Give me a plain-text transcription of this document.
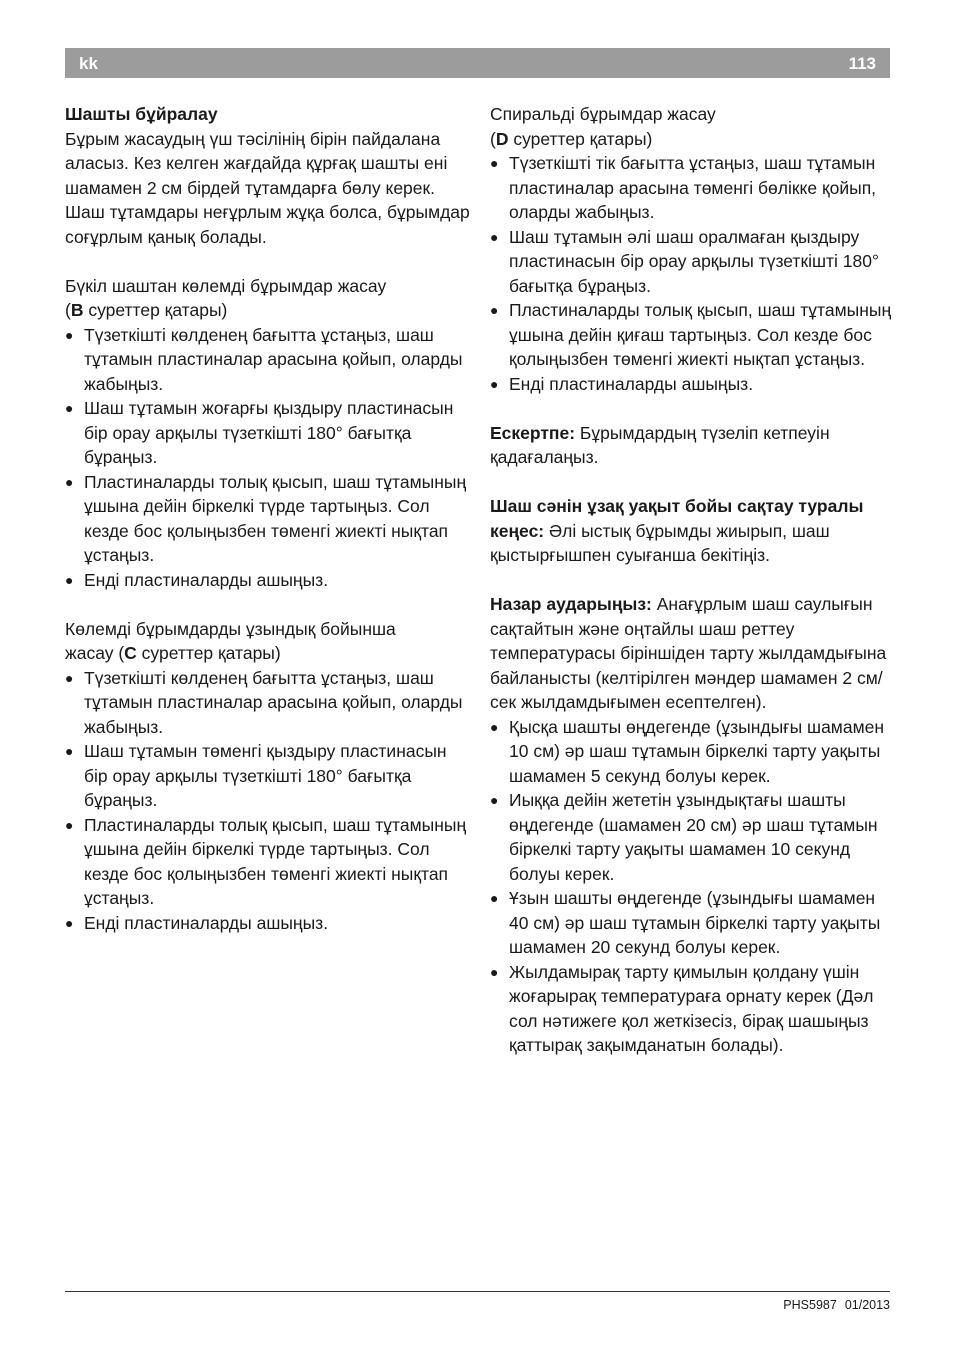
kk	113

Шашты бұйралау
Бұрым жасаудың үш тәсілінің бірін пайдалана аласыз. Кез келген жағдайда құрғақ шашты ені шамамен 2 см бірдей тұтамдарға бөлу керек. Шаш тұтамдары неғұрлым жұқа болса, бұрымдар соғұрлым қанық болады.

Бүкіл шаштан көлемді бұрымдар жасау
(B суреттер қатары)
● Түзеткішті көлденең бағытта ұстаңыз, шаш тұтамын пластиналар арасына қойып, оларды жабыңыз.
● Шаш тұтамын жоғарғы қыздыру пластинасын бір орау арқылы түзеткішті 180° бағытқа бұраңыз.
● Пластиналарды толық қысып, шаш тұтамының ұшына дейін біркелкі түрде тартыңыз. Сол кезде бос қолыңызбен төменгі жиекті нықтап ұстаңыз.
● Енді пластиналарды ашыңыз.
Көлемді бұрымдарды ұзындық бойынша
жасау (C суреттер қатары)
● Түзеткішті көлденең бағытта ұстаңыз, шаш тұтамын пластиналар арасына қойып, оларды жабыңыз.
● Шаш тұтамын төменгі қыздыру пластинасын бір орау арқылы түзеткішті 180° бағытқа бұраңыз.
● Пластиналарды толық қысып, шаш тұтамының ұшына дейін біркелкі түрде тартыңыз. Сол кезде бос қолыңызбен төменгі жиекті нықтап ұстаңыз.
● Енді пластиналарды ашыңыз.
Спиральді бұрымдар жасау
(D суреттер қатары)
● Түзеткішті тік бағытта ұстаңыз, шаш тұтамын пластиналар арасына төменгі бөлікке қойып, оларды жабыңыз.
● Шаш тұтамын әлі шаш оралмаған қыздыру пластинасын бір орау арқылы түзеткішті 180° бағытқа бұраңыз.
● Пластиналарды толық қысып, шаш тұтамының ұшына дейін қиғаш тартыңыз. Сол кезде бос қолыңызбен төменгі жиекті нықтап ұстаңыз.
● Енді пластиналарды ашыңыз.

Ескертпе: Бұрымдардың түзеліп кетпеуін қадағалаңыз.

Шаш сәнін ұзақ уақыт бойы сақтау туралы кеңес: Әлі ыстық бұрымды жиырып, шаш қыстырғышпен суығанша бекітіңіз.

Назар аударыңыз: Анағұрлым шаш саулығын сақтайтын және оңтайлы шаш реттеу температурасы біріншіден тарту жылдамдығына байланысты (келтірілген мәндер шамамен 2 см/сек жылдамдығымен есептелген).
● Қысқа шашты өңдегенде (ұзындығы шамамен 10 см) әр шаш тұтамын біркелкі тарту уақыты шамамен 5 секунд болуы керек.
● Иыққа дейін жететін ұзындықтағы шашты өңдегенде (шамамен 20 см) әр шаш тұтамын біркелкі тарту уақыты шамамен 10 секунд болуы керек.
● Ұзын шашты өңдегенде (ұзындығы шамамен 40 см) әр шаш тұтамын біркелкі тарту уақыты шамамен 20 секунд болуы керек.
● Жылдамырақ тарту қимылын қолдану үшін жоғарырақ температураға орнату керек (Дәл сол нәтижеге қол жеткізесіз, бірақ шашыңыз қаттырақ зақымданатын болады).
PHS5987 01/2013
